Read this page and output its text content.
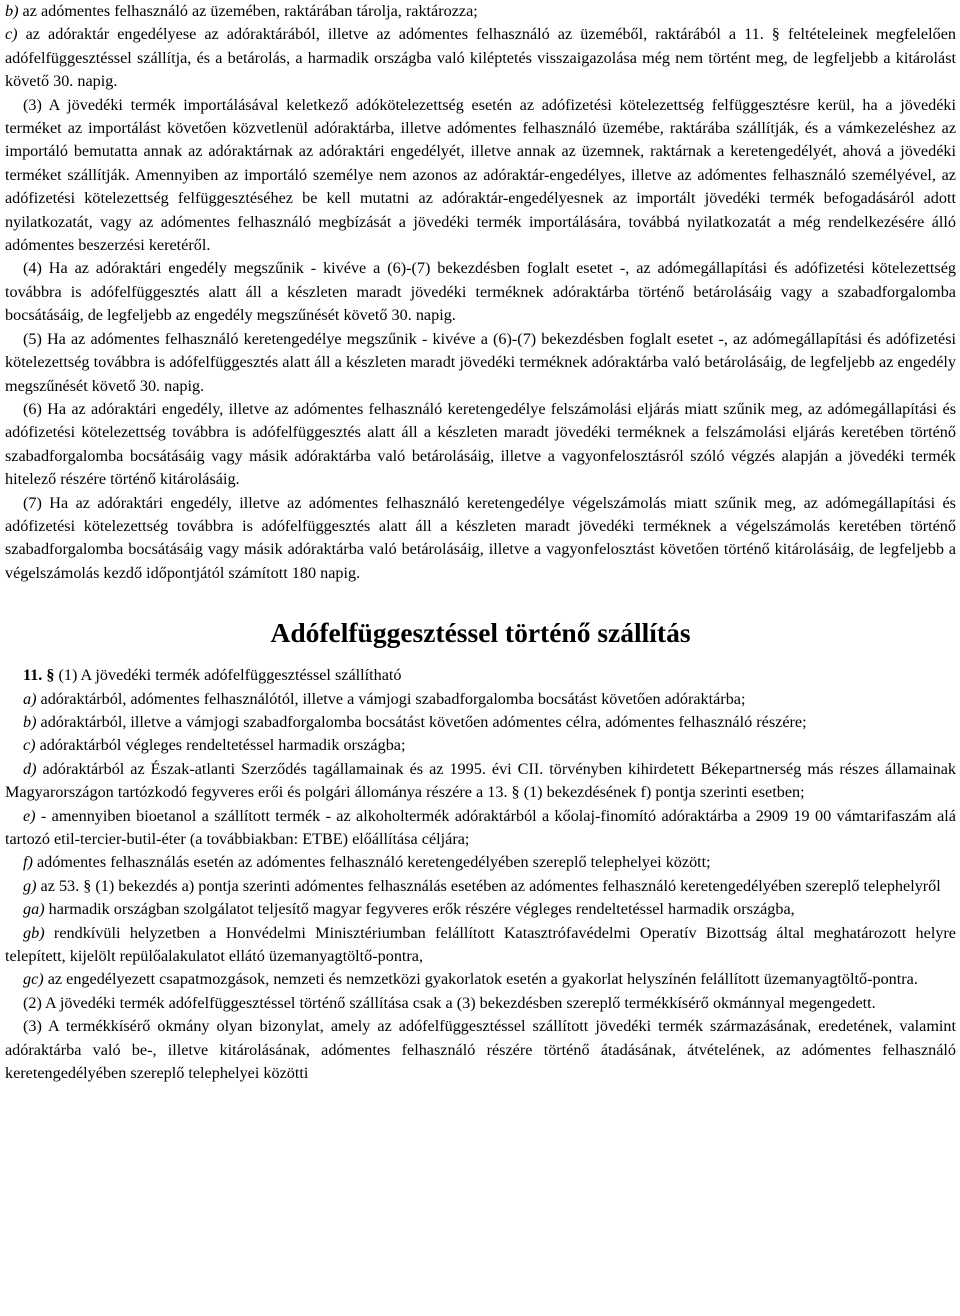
b) az adómentes felhasználó az üzemében, raktárában tárolja, raktározza;

c) az adóraktár engedélyese az adóraktárából, illetve az adómentes felhasználó az üzeméből, raktárából a 11. § feltételeinek megfelelően adófelfüggesztéssel szállítja, és a betárolás, a harmadik országba való kiléptetés visszaigazolása még nem történt meg, de legfeljebb a kitárolást követő 30. napig.

(3) A jövedéki termék importálásával keletkező adókötelezettség esetén az adófizetési kötelezettség felfüggesztésre kerül, ha a jövedéki terméket az importálást követően közvetlenül adóraktárba, illetve adómentes felhasználó üzemébe, raktárába szállítják, és a vámkezeléshez az importáló bemutatta annak az adóraktárnak az adóraktári engedélyét, illetve annak az üzemnek, raktárnak a keretengedélyét, ahová a jövedéki terméket szállítják. Amennyiben az importáló személye nem azonos az adóraktár-engedélyes, illetve az adómentes felhasználó személyével, az adófizetési kötelezettség felfüggesztéséhez be kell mutatni az adóraktár-engedélyesnek az importált jövedéki termék befogadásáról adott nyilatkozatát, vagy az adómentes felhasználó megbízását a jövedéki termék importálására, továbbá nyilatkozatát a még rendelkezésére álló adómentes beszerzési keretéről.

(4) Ha az adóraktári engedély megszűnik - kivéve a (6)-(7) bekezdésben foglalt esetet -, az adómegállapítási és adófizetési kötelezettség továbbra is adófelfüggesztés alatt áll a készleten maradt jövedéki terméknek adóraktárba történő betárolásáig vagy a szabadforgalomba bocsátásáig, de legfeljebb az engedély megszűnését követő 30. napig.

(5) Ha az adómentes felhasználó keretengedélye megszűnik - kivéve a (6)-(7) bekezdésben foglalt esetet -, az adómegállapítási és adófizetési kötelezettség továbbra is adófelfüggesztés alatt áll a készleten maradt jövedéki terméknek adóraktárba való betárolásáig, de legfeljebb az engedély megszűnését követő 30. napig.

(6) Ha az adóraktári engedély, illetve az adómentes felhasználó keretengedélye felszámolási eljárás miatt szűnik meg, az adómegállapítási és adófizetési kötelezettség továbbra is adófelfüggesztés alatt áll a készleten maradt jövedéki terméknek a felszámolási eljárás keretében történő szabadforgalomba bocsátásáig vagy másik adóraktárba való betárolásáig, illetve a vagyonfelosztásról szóló végzés alapján a jövedéki termék hitelező részére történő kitárolásáig.

(7) Ha az adóraktári engedély, illetve az adómentes felhasználó keretengedélye végelszámolás miatt szűnik meg, az adómegállapítási és adófizetési kötelezettség továbbra is adófelfüggesztés alatt áll a készleten maradt jövedéki terméknek a végelszámolás keretében történő szabadforgalomba bocsátásáig vagy másik adóraktárba való betárolásáig, illetve a vagyonfelosztást követően történő kitárolásáig, de legfeljebb a végelszámolás kezdő időpontjától számított 180 napig.

Adófelfüggesztéssel történő szállítás

11. § (1) A jövedéki termék adófelfüggesztéssel szállítható

a) adóraktárból, adómentes felhasználótól, illetve a vámjogi szabadforgalomba bocsátást követően adóraktárba;

b) adóraktárból, illetve a vámjogi szabadforgalomba bocsátást követően adómentes célra, adómentes felhasználó részére;

c) adóraktárból végleges rendeltetéssel harmadik országba;

d) adóraktárból az Észak-atlanti Szerződés tagállamainak és az 1995. évi CII. törvényben kihirdetett Békepartnerség más részes államainak Magyarországon tartózkodó fegyveres erői és polgári állománya részére a 13. § (1) bekezdésének f) pontja szerinti esetben;

e) - amennyiben bioetanol a szállított termék - az alkoholtermék adóraktárból a kőolaj-finomító adóraktárba a 2909 19 00 vámtarifaszám alá tartozó etil-tercier-butil-éter (a továbbiakban: ETBE) előállítása céljára;

f) adómentes felhasználás esetén az adómentes felhasználó keretengedélyében szereplő telephelyei között;

g) az 53. § (1) bekezdés a) pontja szerinti adómentes felhasználás esetében az adómentes felhasználó keretengedélyében szereplő telephelyről

ga) harmadik országban szolgálatot teljesítő magyar fegyveres erők részére végleges rendeltetéssel harmadik országba,

gb) rendkívüli helyzetben a Honvédelmi Minisztériumban felállított Katasztrófavédelmi Operatív Bizottság által meghatározott helyre telepített, kijelölt repülőalakulatot ellátó üzemanyagtöltő-pontra,

gc) az engedélyezett csapatmozgások, nemzeti és nemzetközi gyakorlatok esetén a gyakorlat helyszínén felállított üzemanyagtöltő-pontra.

(2) A jövedéki termék adófelfüggesztéssel történő szállítása csak a (3) bekezdésben szereplő termékkísérő okmánnyal megengedett.

(3) A termékkísérő okmány olyan bizonylat, amely az adófelfüggesztéssel szállított jövedéki termék származásának, eredetének, valamint adóraktárba való be-, illetve kitárolásának, adómentes felhasználó részére történő átadásának, átvételének, az adómentes felhasználó keretengedélyében szereplő telephelyei közötti
